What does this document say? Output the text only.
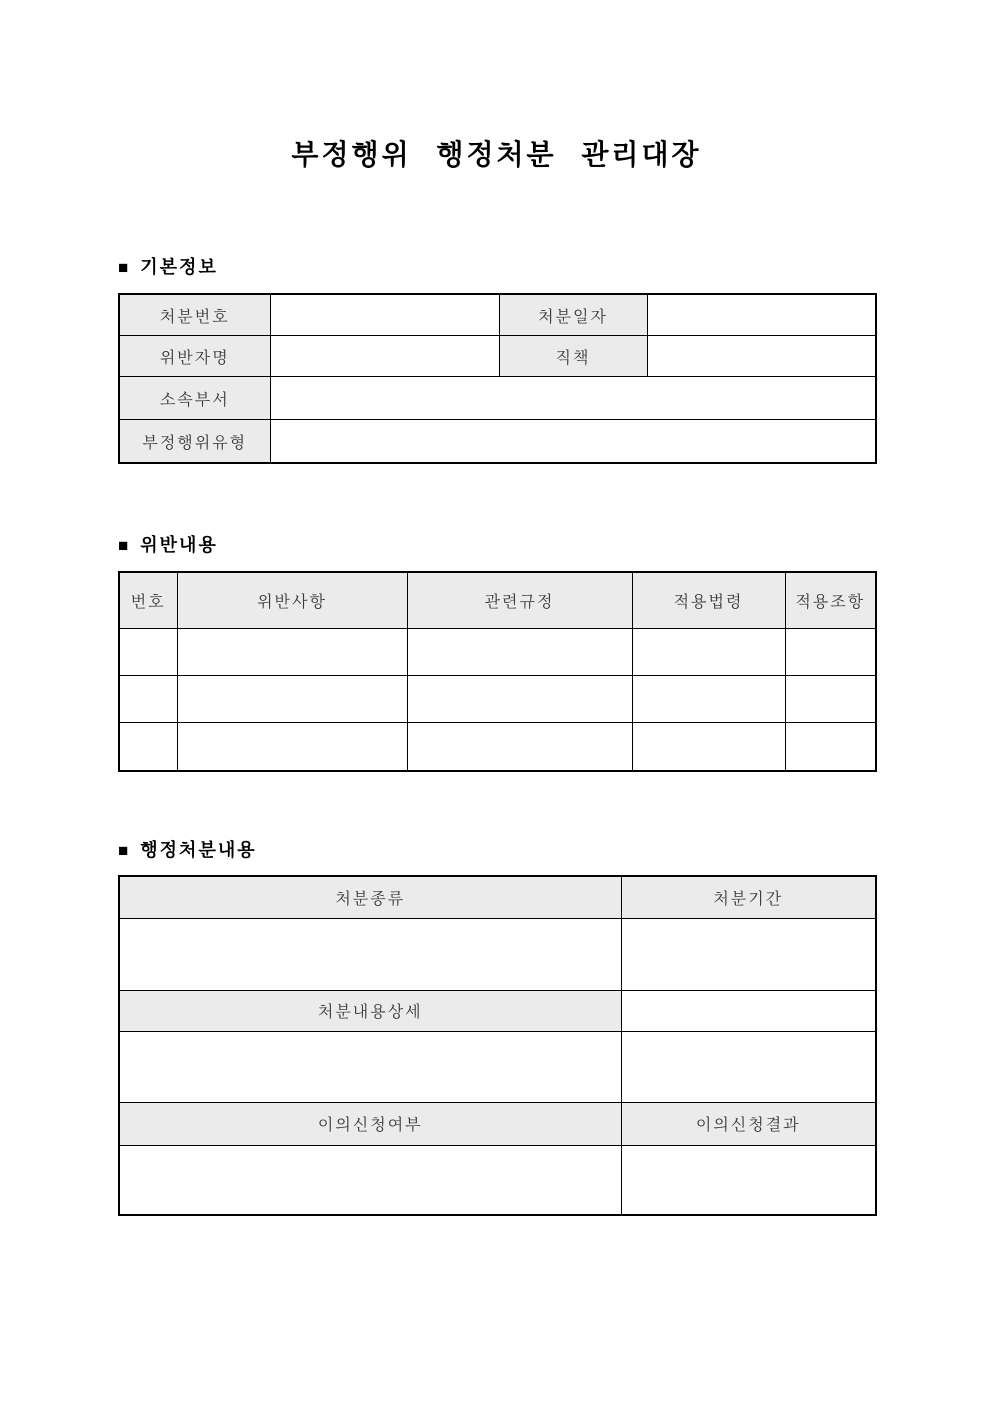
부정행위 행정처분 관리대장
■ 기본정보
처분번호		처분일자	
위반자명		직책	
소속부서			
부정행위유형			
■ 위반내용
번호	위반사항	관련규정	적용법령	적용조항

■ 행정처분내용
처분종류	처분기간

처분내용상세	

이의신청여부	이의신청결과
